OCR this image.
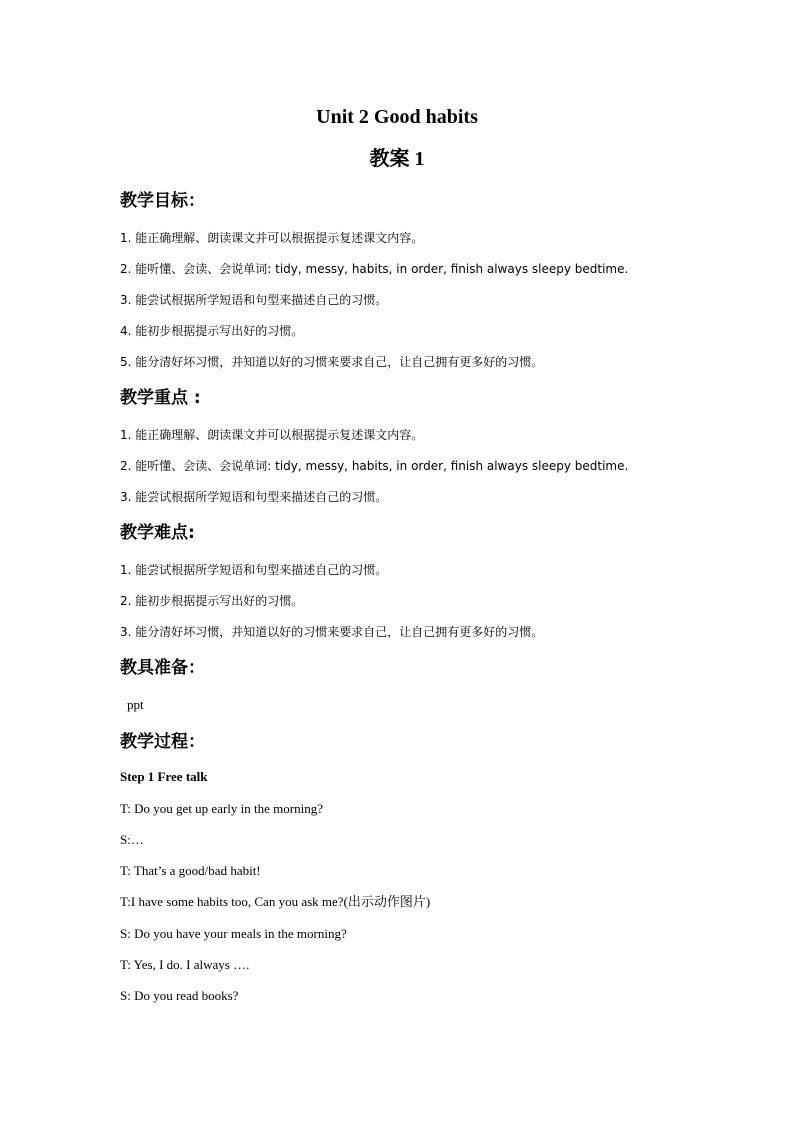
Unit 2 Good habits
教案 1
教学目标：

1. 能正确理解、朗读课文并可以根据提示复述课文内容。

2. 能听懂、会读、会说单词: tidy, messy, habits, in order, finish always sleepy bedtime.

3. 能尝试根据所学短语和句型来描述自己的习惯。

4. 能初步根据提示写出好的习惯。

5. 能分清好坏习惯，并知道以好的习惯来要求自己，让自己拥有更多好的习惯。

教学重点 :

1. 能正确理解、朗读课文并可以根据提示复述课文内容。

2. 能听懂、会读、会说单词: tidy, messy, habits, in order, finish always sleepy bedtime.

3. 能尝试根据所学短语和句型来描述自己的习惯。

教学难点:

1. 能尝试根据所学短语和句型来描述自己的习惯。

2. 能初步根据提示写出好的习惯。

3. 能分清好坏习惯，并知道以好的习惯来要求自己，让自己拥有更多好的习惯。

教具准备：

ppt

教学过程：

Step 1 Free talk

T: Do you get up early in the morning?

S:…

T: That’s a good/bad habit!

T:I have some habits too, Can you ask me?(出示动作图片)

S: Do you have your meals in the morning?

T: Yes, I do. I always ….

S: Do you read books?
